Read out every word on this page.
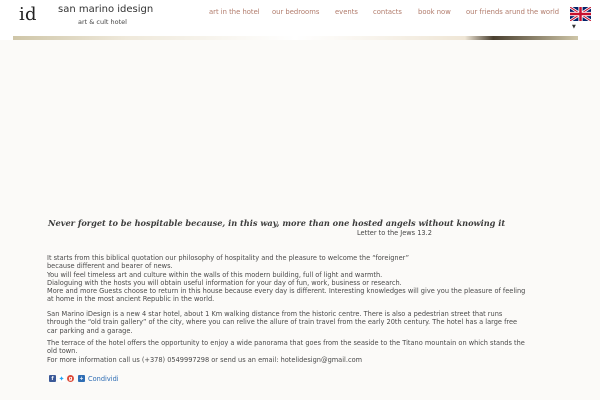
i d san marino idesign
art & cult hotel
art in the hotel our bedrooms events contacts book now our friends arund the world
▼
Never forget to be hospitable because, in this way, more than one hosted angels without knowing it
Letter to the Jews 13.2

It starts from this biblical quotation our philosophy of hospitality and the pleasure to welcome the “foreigner”

because different and bearer of news.

You will feel timeless art and culture within the walls of this modern building, full of light and warmth.

Dialoguing with the hosts you will obtain useful information for your day of fun, work, business or research.

More and more Guests choose to return in this house because every day is different. Interesting knowledges will give you the pleasure of feeling

at home in the most ancient Republic in the world.

San Marino iDesign is a new 4 star hotel, about 1 Km walking distance from the historic centre. There is also a pedestrian street that runs

through the “old train gallery” of the city, where you can relive the allure of train travel from the early 20th century. The hotel has a large free

car parking and a garage.

The terrace of the hotel offers the opportunity to enjoy a wide panorama that goes from the seaside to the Titano mountain on which stands the

old town.

For more information call us (+378) 0549997298 or send us an email: hotelidesign@gmail.com

f ✦ g	+ Condividi
